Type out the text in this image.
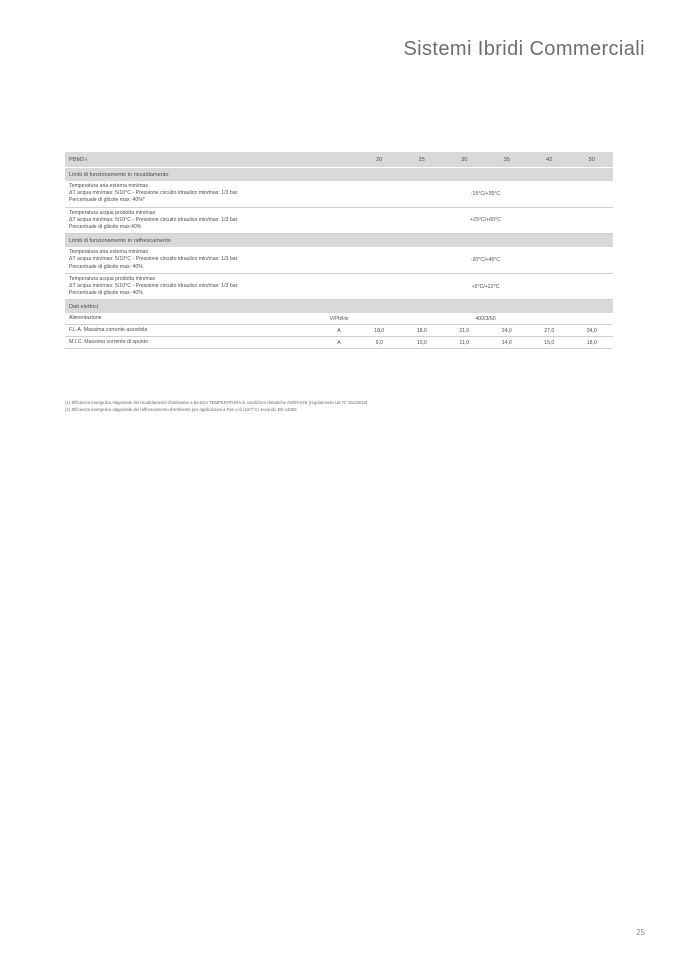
Sistemi Ibridi Commerciali
PBM2-i		20	25	30	35	42	50
Limiti di funzionamento in riscaldamento							

Temperatura aria esterna min/max
ΔT acqua min/max: 5/10°C - Pressione circuito idraulico min/max: 1/3 bar
Percentuale di glicole max: 40%*		-15°C/+35°C					

Temperatura acqua prodotta min/max
ΔT acqua min/max: 5/10°C - Pressione circuito idraulico min/max: 1/3 bar
Percentuale di glicole max:40%		+25°C/+60°C					
Limiti di funzionamento in raffrescamento							

Temperatura aria esterna min/max
ΔT acqua min/max: 5/10°C - Pressione circuito idraulico min/max: 1/3 bar
Percentuale di glicole max: 40%		-20°C/+46°C					

Temperatura acqua prodotta min/max
ΔT acqua min/max: 5/10°C - Pressione circuito idraulico min/max: 1/3 bar
Percentuale di glicole max: 40%		+5°C/+22°C					
Dati elettrici							

Alimentazione	V/Ph/Hz	400/3/50					

F.L.A. Massima corrente assorbita	A	18,0	18,0	21,0	24,0	27,0	34,0

M.I.C. Massima corrente di spunto	A	9,0	10,0	11,0	14,0	15,0	18,0
(1) Efficienza energetica stagionale del riscaldamento d'ambiente a BASSA TEMPERATURA in condizioni climatiche AVERAGE (regolamento UE N° 811/2013)
(2) Efficienza energetica stagionale del raffrescamento d'ambiente per applicazioni a Fan coil (12/7°C) secondo EN 14825
25
